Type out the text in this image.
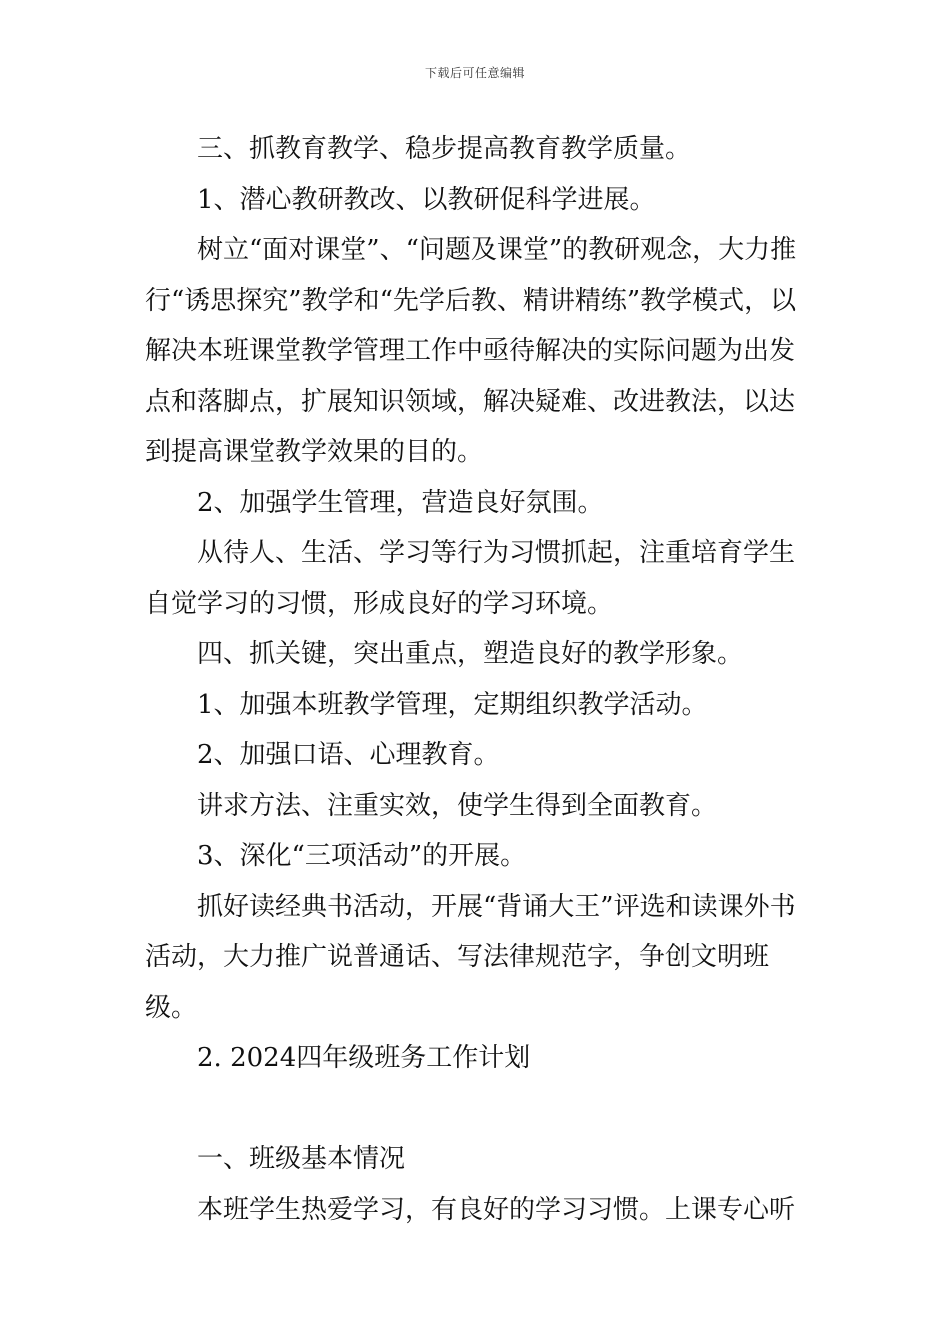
下载后可任意编辑

三、抓教育教学、稳步提高教育教学质量。

1、潜心教研教改、以教研促科学进展。

树立“面对课堂”、“问题及课堂”的教研观念，大力推行“诱思探究”教学和“先学后教、精讲精练”教学模式，以解决本班课堂教学管理工作中亟待解决的实际问题为出发点和落脚点，扩展知识领域，解决疑难、改进教法，以达到提高课堂教学效果的目的。

2、加强学生管理，营造良好氛围。

从待人、生活、学习等行为习惯抓起，注重培育学生自觉学习的习惯，形成良好的学习环境。

四、抓关键，突出重点，塑造良好的教学形象。

1、加强本班教学管理，定期组织教学活动。

2、加强口语、心理教育。

讲求方法、注重实效，使学生得到全面教育。

3、深化“三项活动”的开展。

抓好读经典书活动，开展“背诵大王”评选和读课外书活动，大力推广说普通话、写法律规范字，争创文明班级。

2. 2024四年级班务工作计划

一、班级基本情况

本班学生热爱学习，有良好的学习习惯。上课专心听
